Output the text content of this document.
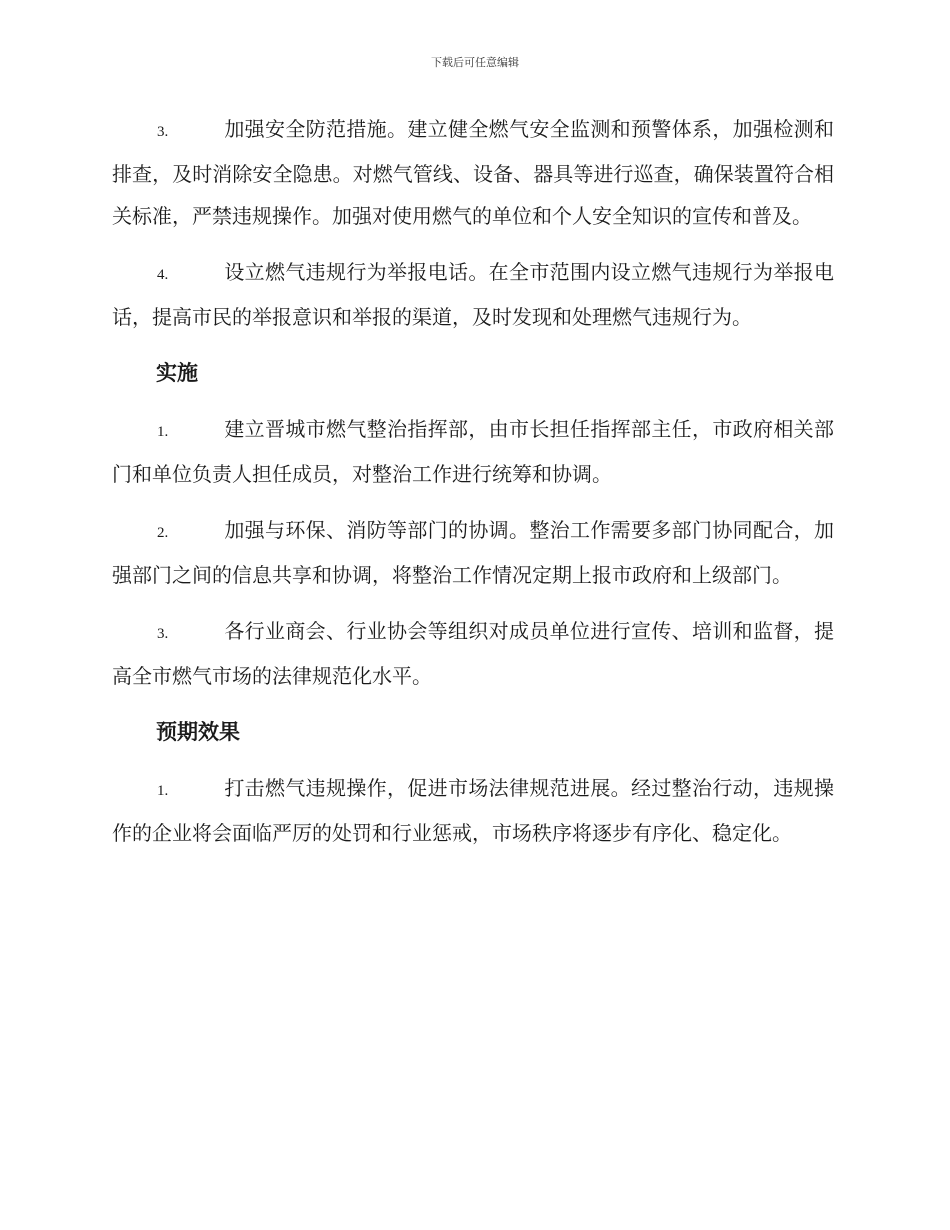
下载后可任意编辑

3.	加强安全防范措施。建立健全燃气安全监测和预警体系，加强检测和排查，及时消除安全隐患。对燃气管线、设备、器具等进行巡查，确保装置符合相关标准，严禁违规操作。加强对使用燃气的单位和个人安全知识的宣传和普及。

4.	设立燃气违规行为举报电话。在全市范围内设立燃气违规行为举报电话，提高市民的举报意识和举报的渠道，及时发现和处理燃气违规行为。

实施

1.	建立晋城市燃气整治指挥部，由市长担任指挥部主任，市政府相关部门和单位负责人担任成员，对整治工作进行统筹和协调。

2.	加强与环保、消防等部门的协调。整治工作需要多部门协同配合，加强部门之间的信息共享和协调，将整治工作情况定期上报市政府和上级部门。

3.	各行业商会、行业协会等组织对成员单位进行宣传、培训和监督，提高全市燃气市场的法律规范化水平。

预期效果

1.	打击燃气违规操作，促进市场法律规范进展。经过整治行动，违规操作的企业将会面临严厉的处罚和行业惩戒，市场秩序将逐步有序化、稳定化。
